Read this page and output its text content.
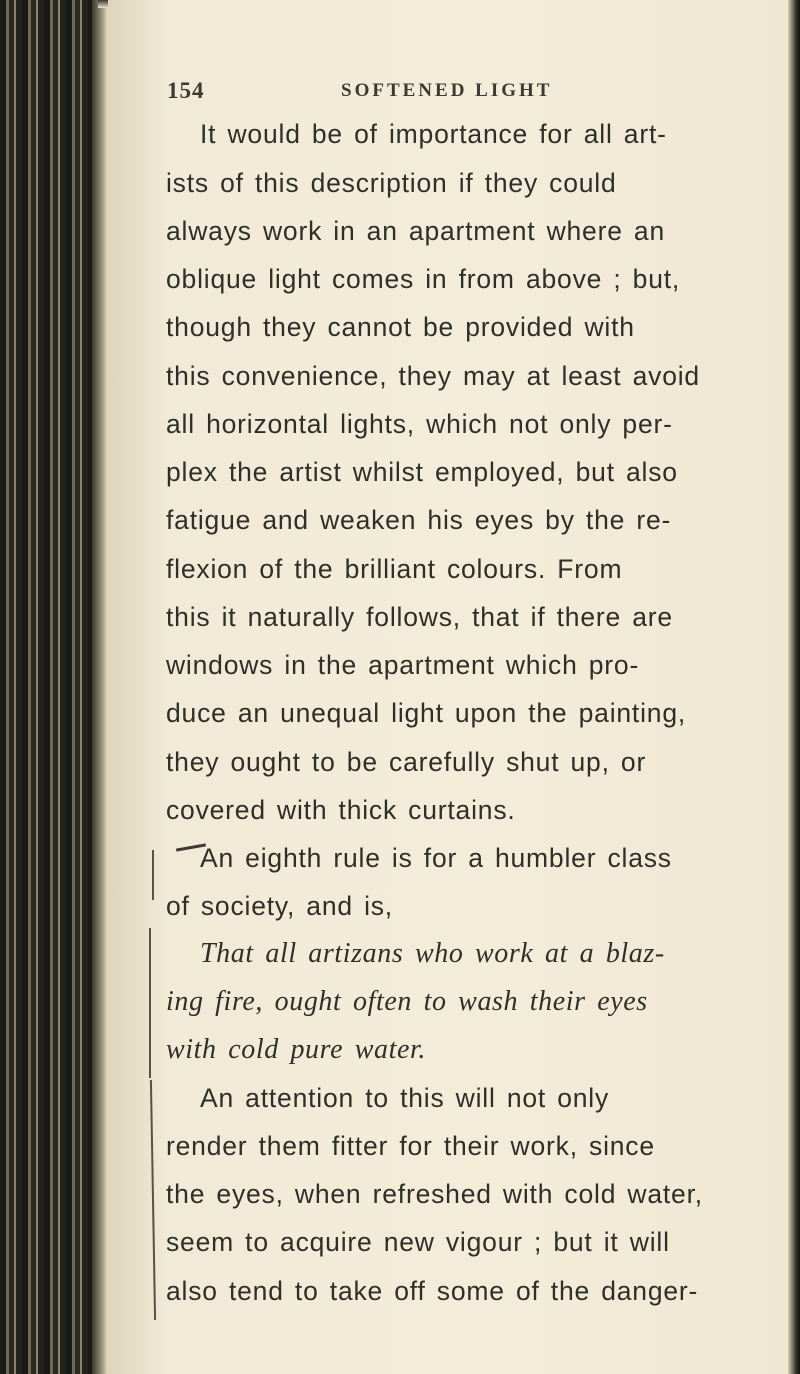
154	SOFTENED LIGHT
It would be of importance for all art-
ists of this description if they could
always work in an apartment where an
oblique light comes in from above ; but,
though they cannot be provided with
this convenience, they may at least avoid
all horizontal lights, which not only per-
plex the artist whilst employed, but also
fatigue and weaken his eyes by the re-
flexion of the brilliant colours. From
this it naturally follows, that if there are
windows in the apartment which pro-
duce an unequal light upon the painting,
they ought to be carefully shut up, or
covered with thick curtains.
An eighth rule is for a humbler class
of society, and is,
That all artizans who work at a blaz-
ing fire, ought often to wash their eyes
with cold pure water.
An attention to this will not only
render them fitter for their work, since
the eyes, when refreshed with cold water,
seem to acquire new vigour ; but it will
also tend to take off some of the danger-
